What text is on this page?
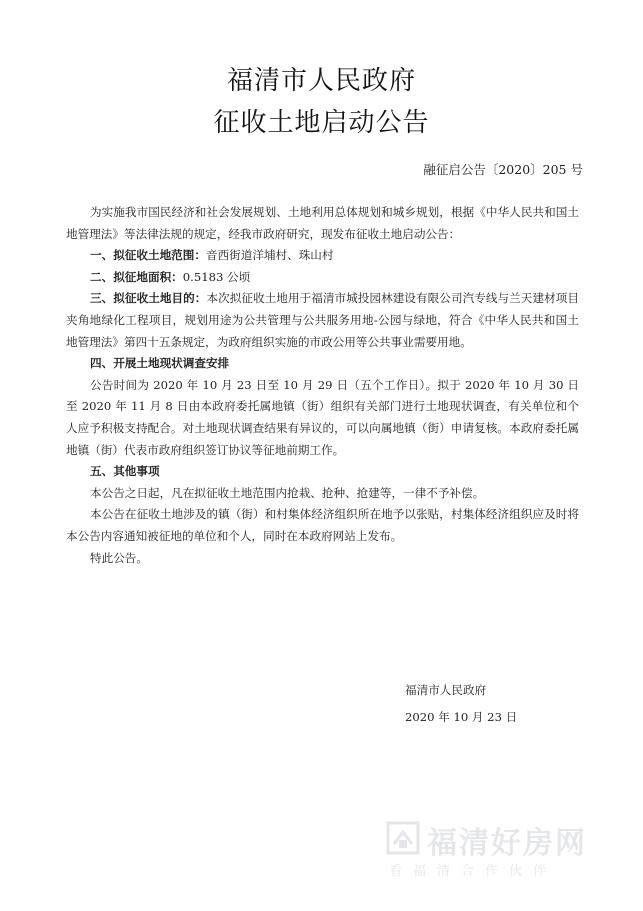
福清市人民政府
征收土地启动公告
融征启公告〔2020〕205 号

为实施我市国民经济和社会发展规划、土地利用总体规划和城乡规划，根据《中华人民共和国土地管理法》等法律法规的规定，经我市政府研究，现发布征收土地启动公告：

一、拟征收土地范围：音西街道洋埔村、珠山村

二、拟征地面积：0.5183 公顷

三、拟征收土地目的：本次拟征收土地用于福清市城投园林建设有限公司汽专线与兰天建材项目夹角地绿化工程项目，规划用途为公共管理与公共服务用地-公园与绿地，符合《中华人民共和国土地管理法》第四十五条规定，为政府组织实施的市政公用等公共事业需要用地。

四、开展土地现状调查安排

公告时间为 2020 年 10 月 23 日至 10 月 29 日（五个工作日）。拟于 2020 年 10 月 30 日至 2020 年 11 月 8 日由本政府委托属地镇（街）组织有关部门进行土地现状调查，有关单位和个人应予积极支持配合。对土地现状调查结果有异议的，可以向属地镇（街）申请复核。本政府委托属地镇（街）代表市政府组织签订协议等征地前期工作。

五、其他事项

本公告之日起，凡在拟征收土地范围内抢栽、抢种、抢建等，一律不予补偿。

本公告在征收土地涉及的镇（街）和村集体经济组织所在地予以张贴，村集体经济组织应及时将本公告内容通知被征地的单位和个人，同时在本政府网站上发布。

特此公告。

福清市人民政府
2020 年 10 月 23 日
福清好房网
看福清合作伙伴
